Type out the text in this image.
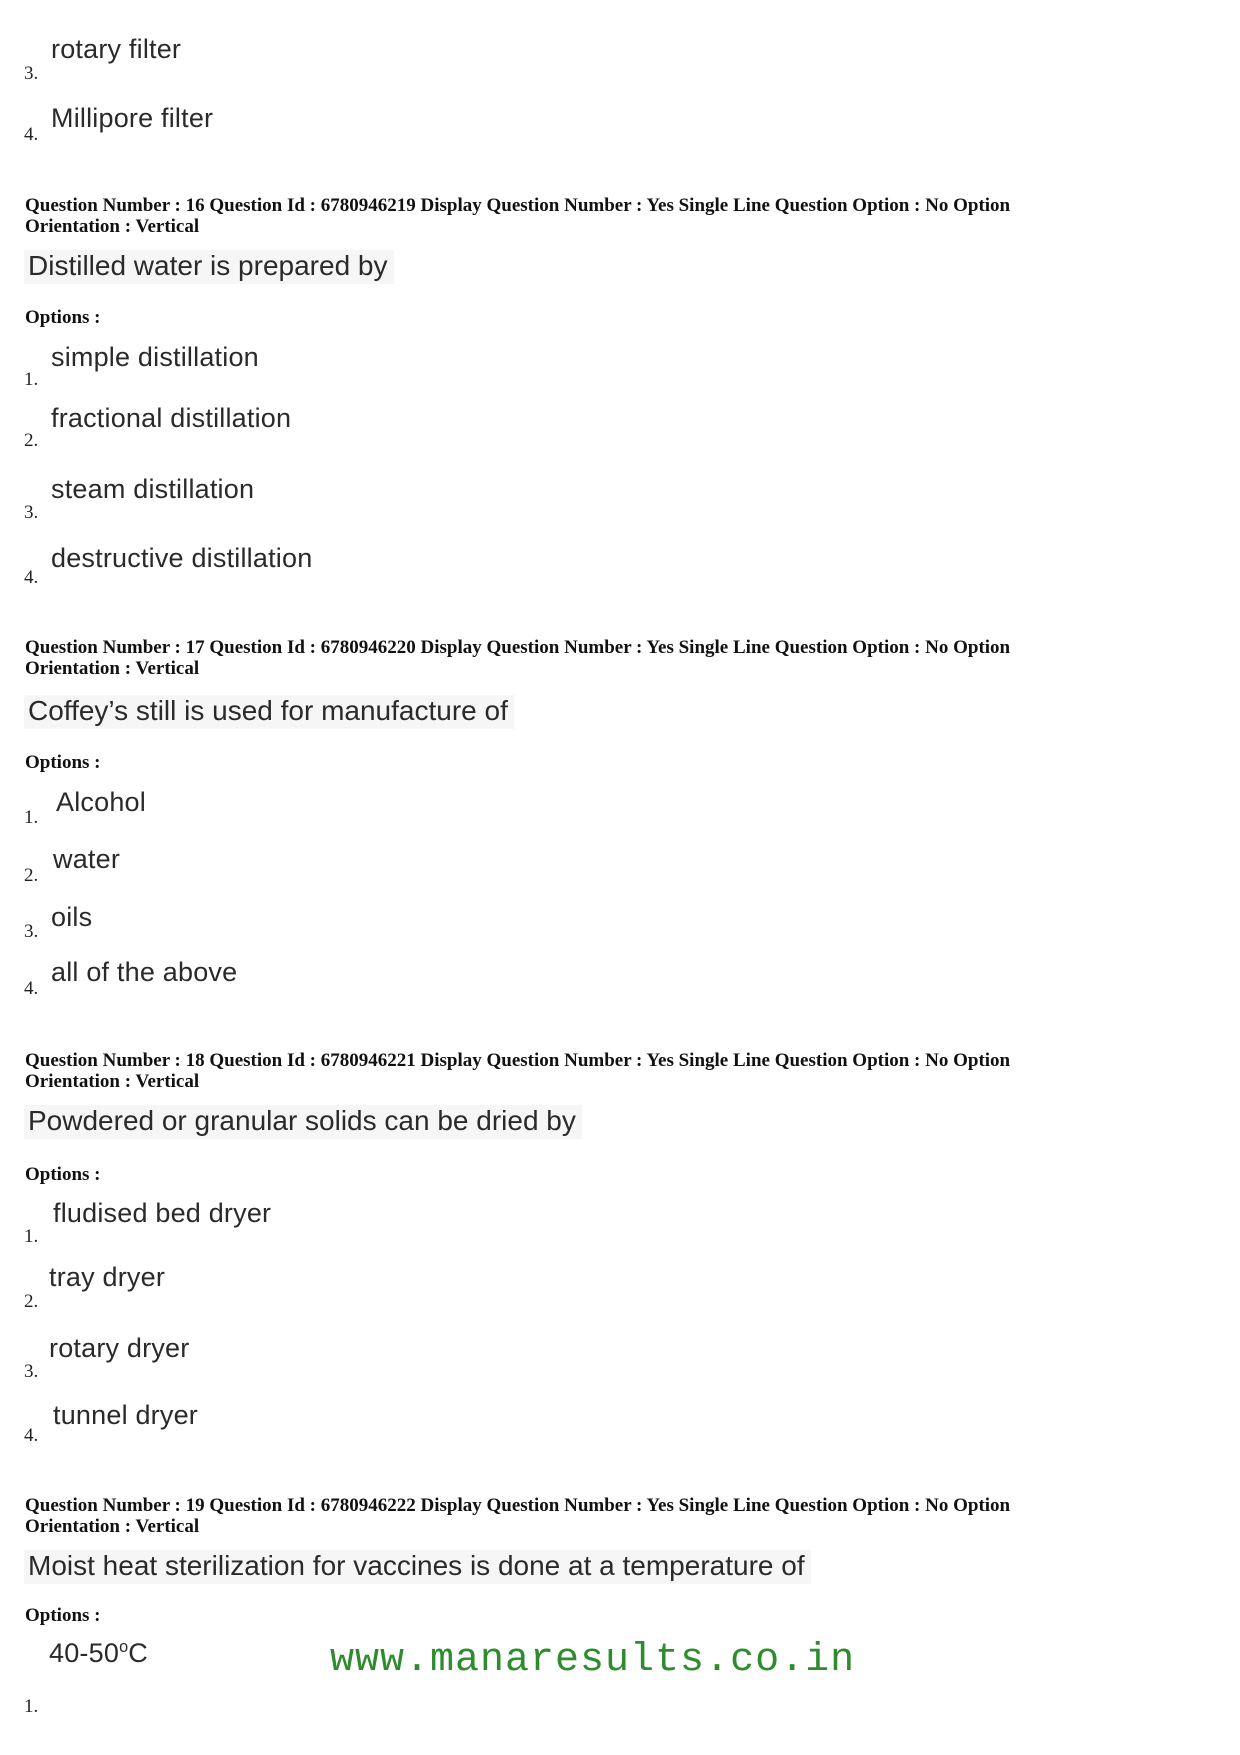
3.
rotary filter
4.
Millipore filter
Question Number : 16 Question Id : 6780946219 Display Question Number : Yes Single Line Question Option : No Option
Orientation : Vertical
Distilled water is prepared by
Options :
1.
simple distillation
2.
fractional distillation
3.
steam distillation
4.
destructive distillation
Question Number : 17 Question Id : 6780946220 Display Question Number : Yes Single Line Question Option : No Option
Orientation : Vertical
Coffey’s still is used for manufacture of
Options :
1.
Alcohol
2.
water
3. oils
4.
all of the above
Question Number : 18 Question Id : 6780946221 Display Question Number : Yes Single Line Question Option : No Option
Orientation : Vertical
Powdered or granular solids can be dried by
Options :
1.
fludised bed dryer
2.
tray dryer
3.
rotary dryer
4.
tunnel dryer
Question Number : 19 Question Id : 6780946222 Display Question Number : Yes Single Line Question Option : No Option
Orientation : Vertical
Moist heat sterilization for vaccines is done at a temperature of
Options :
1.
40-50$^o$C	www.manaresults.co.in
